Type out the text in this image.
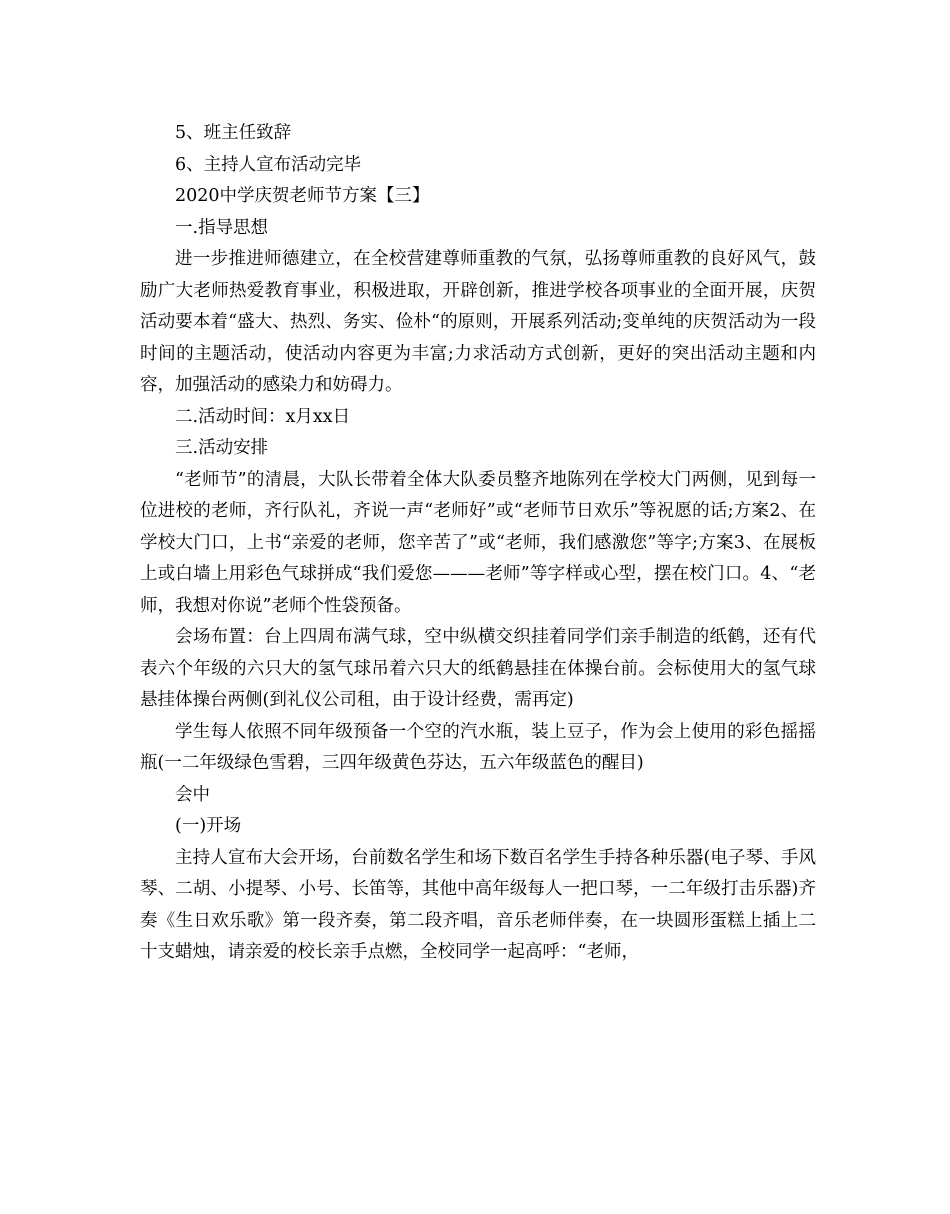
5、班主任致辞

6、主持人宣布活动完毕

2020中学庆贺老师节方案【三】

一.指导思想

进一步推进师德建立，在全校营建尊师重教的气氛，弘扬尊师重教的良好风气，鼓励广大老师热爱教育事业，积极进取，开辟创新，推进学校各项事业的全面开展，庆贺活动要本着“盛大、热烈、务实、俭朴“的原则，开展系列活动;变单纯的庆贺活动为一段时间的主题活动，使活动内容更为丰富;力求活动方式创新，更好的突出活动主题和内容，加强活动的感染力和妨碍力。

二.活动时间：x月xx日

三.活动安排

“老师节”的清晨，大队长带着全体大队委员整齐地陈列在学校大门两侧，见到每一位进校的老师，齐行队礼，齐说一声“老师好”或“老师节日欢乐”等祝愿的话;方案2、在学校大门口，上书“亲爱的老师，您辛苦了”或“老师，我们感激您”等字;方案3、在展板上或白墙上用彩色气球拼成“我们爱您———老师”等字样或心型，摆在校门口。4、“老师，我想对你说”老师个性袋预备。

会场布置：台上四周布满气球，空中纵横交织挂着同学们亲手制造的纸鹤，还有代表六个年级的六只大的氢气球吊着六只大的纸鹤悬挂在体操台前。会标使用大的氢气球悬挂体操台两侧(到礼仪公司租，由于设计经费，需再定)

学生每人依照不同年级预备一个空的汽水瓶，装上豆子，作为会上使用的彩色摇摇瓶(一二年级绿色雪碧，三四年级黄色芬达，五六年级蓝色的醒目)

会中

(一)开场

主持人宣布大会开场，台前数名学生和场下数百名学生手持各种乐器(电子琴、手风琴、二胡、小提琴、小号、长笛等，其他中高年级每人一把口琴，一二年级打击乐器)齐奏《生日欢乐歌》第一段齐奏，第二段齐唱，音乐老师伴奏，在一块圆形蛋糕上插上二十支蜡烛，请亲爱的校长亲手点燃，全校同学一起高呼：“老师，
